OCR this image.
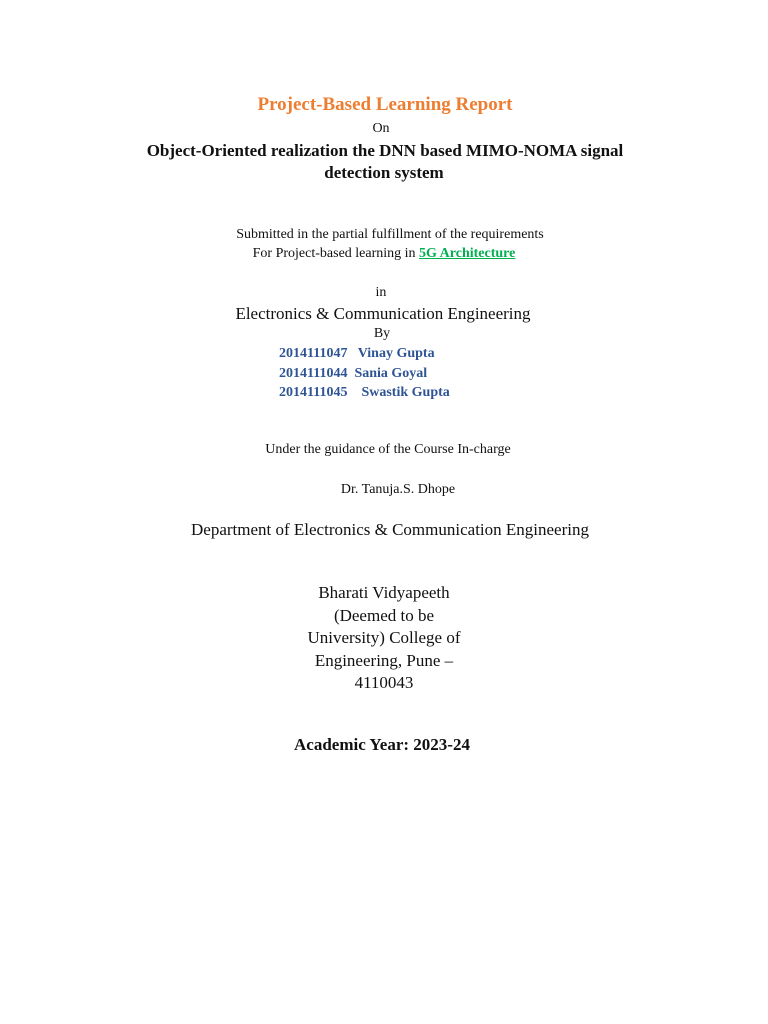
Project-Based Learning Report
On
Object-Oriented realization the DNN based MIMO-NOMA signal
detection system
Submitted in the partial fulfillment of the requirements
For Project-based learning in 5G Architecture
in
Electronics & Communication Engineering
By
2014111047   Vinay Gupta
2014111044  Sania Goyal
2014111045    Swastik Gupta
Under the guidance of the Course In-charge
Dr. Tanuja.S. Dhope
Department of Electronics & Communication Engineering
Bharati Vidyapeeth
(Deemed to be
University) College of
Engineering, Pune –
4110043
Academic Year: 2023-24
